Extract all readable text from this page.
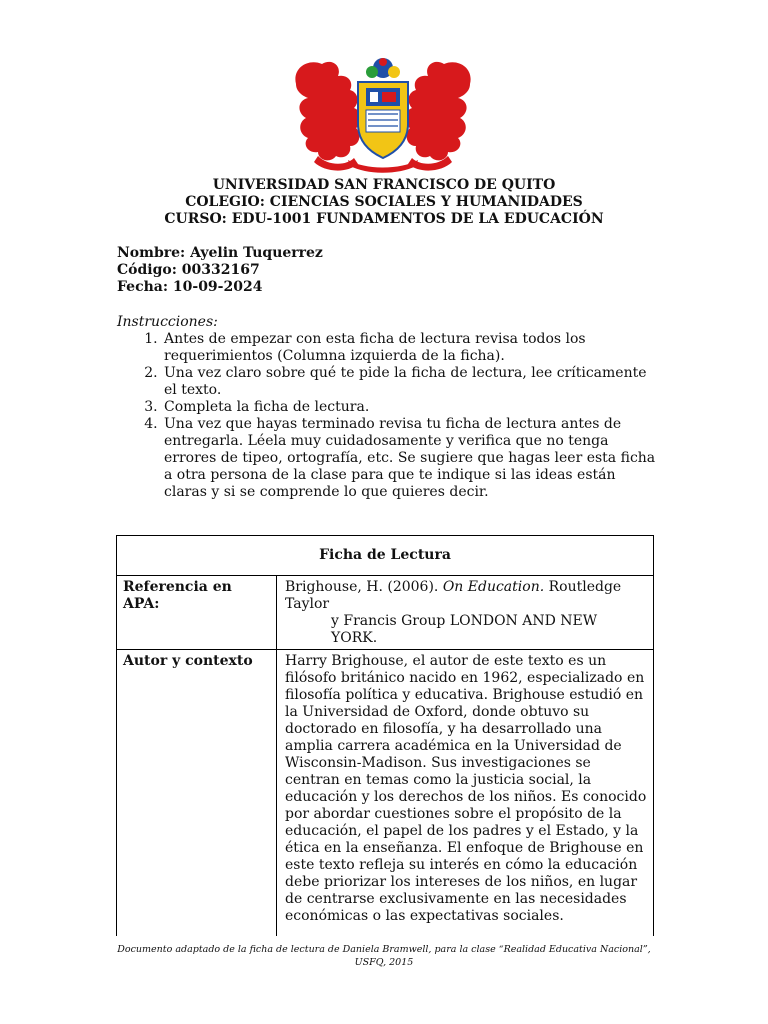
UNIVERSIDAD SAN FRANCISCO DE QUITO
COLEGIO: CIENCIAS SOCIALES Y HUMANIDADES
CURSO: EDU-1001 FUNDAMENTOS DE LA EDUCACIÓN
Nombre: Ayelin Tuquerrez
Código: 00332167
Fecha: 10-09-2024
Instrucciones:
1. Antes de empezar con esta ficha de lectura revisa todos los requerimientos (Columna izquierda de la ficha).
2. Una vez claro sobre qué te pide la ficha de lectura, lee críticamente el texto.
3. Completa la ficha de lectura.
4. Una vez que hayas terminado revisa tu ficha de lectura antes de entregarla. Léela muy cuidadosamente y verifica que no tenga errores de tipeo, ortografía, etc. Se sugiere que hagas leer esta ficha a otra persona de la clase para que te indique si las ideas están claras y si se comprende lo que quieres decir.
Ficha de Lectura
Referencia en APA:
Brighouse, H. (2006). On Education. Routledge Taylor
y Francis Group LONDON AND NEW YORK.
Autor y contexto	Harry Brighouse, el autor de este texto es un filósofo británico nacido en 1962, especializado en filosofía política y educativa. Brighouse estudió en la Universidad de Oxford, donde obtuvo su doctorado en filosofía, y ha desarrollado una amplia carrera académica en la Universidad de Wisconsin-Madison. Sus investigaciones se centran en temas como la justicia social, la educación y los derechos de los niños. Es conocido por abordar cuestiones sobre el propósito de la educación, el papel de los padres y el Estado, y la ética en la enseñanza. El enfoque de Brighouse en este texto refleja su interés en cómo la educación debe priorizar los intereses de los niños, en lugar de centrarse exclusivamente en las necesidades económicas o las expectativas sociales.

Documento adaptado de la ficha de lectura de Daniela Bramwell, para la clase “Realidad Educativa Nacional”,
USFQ, 2015
